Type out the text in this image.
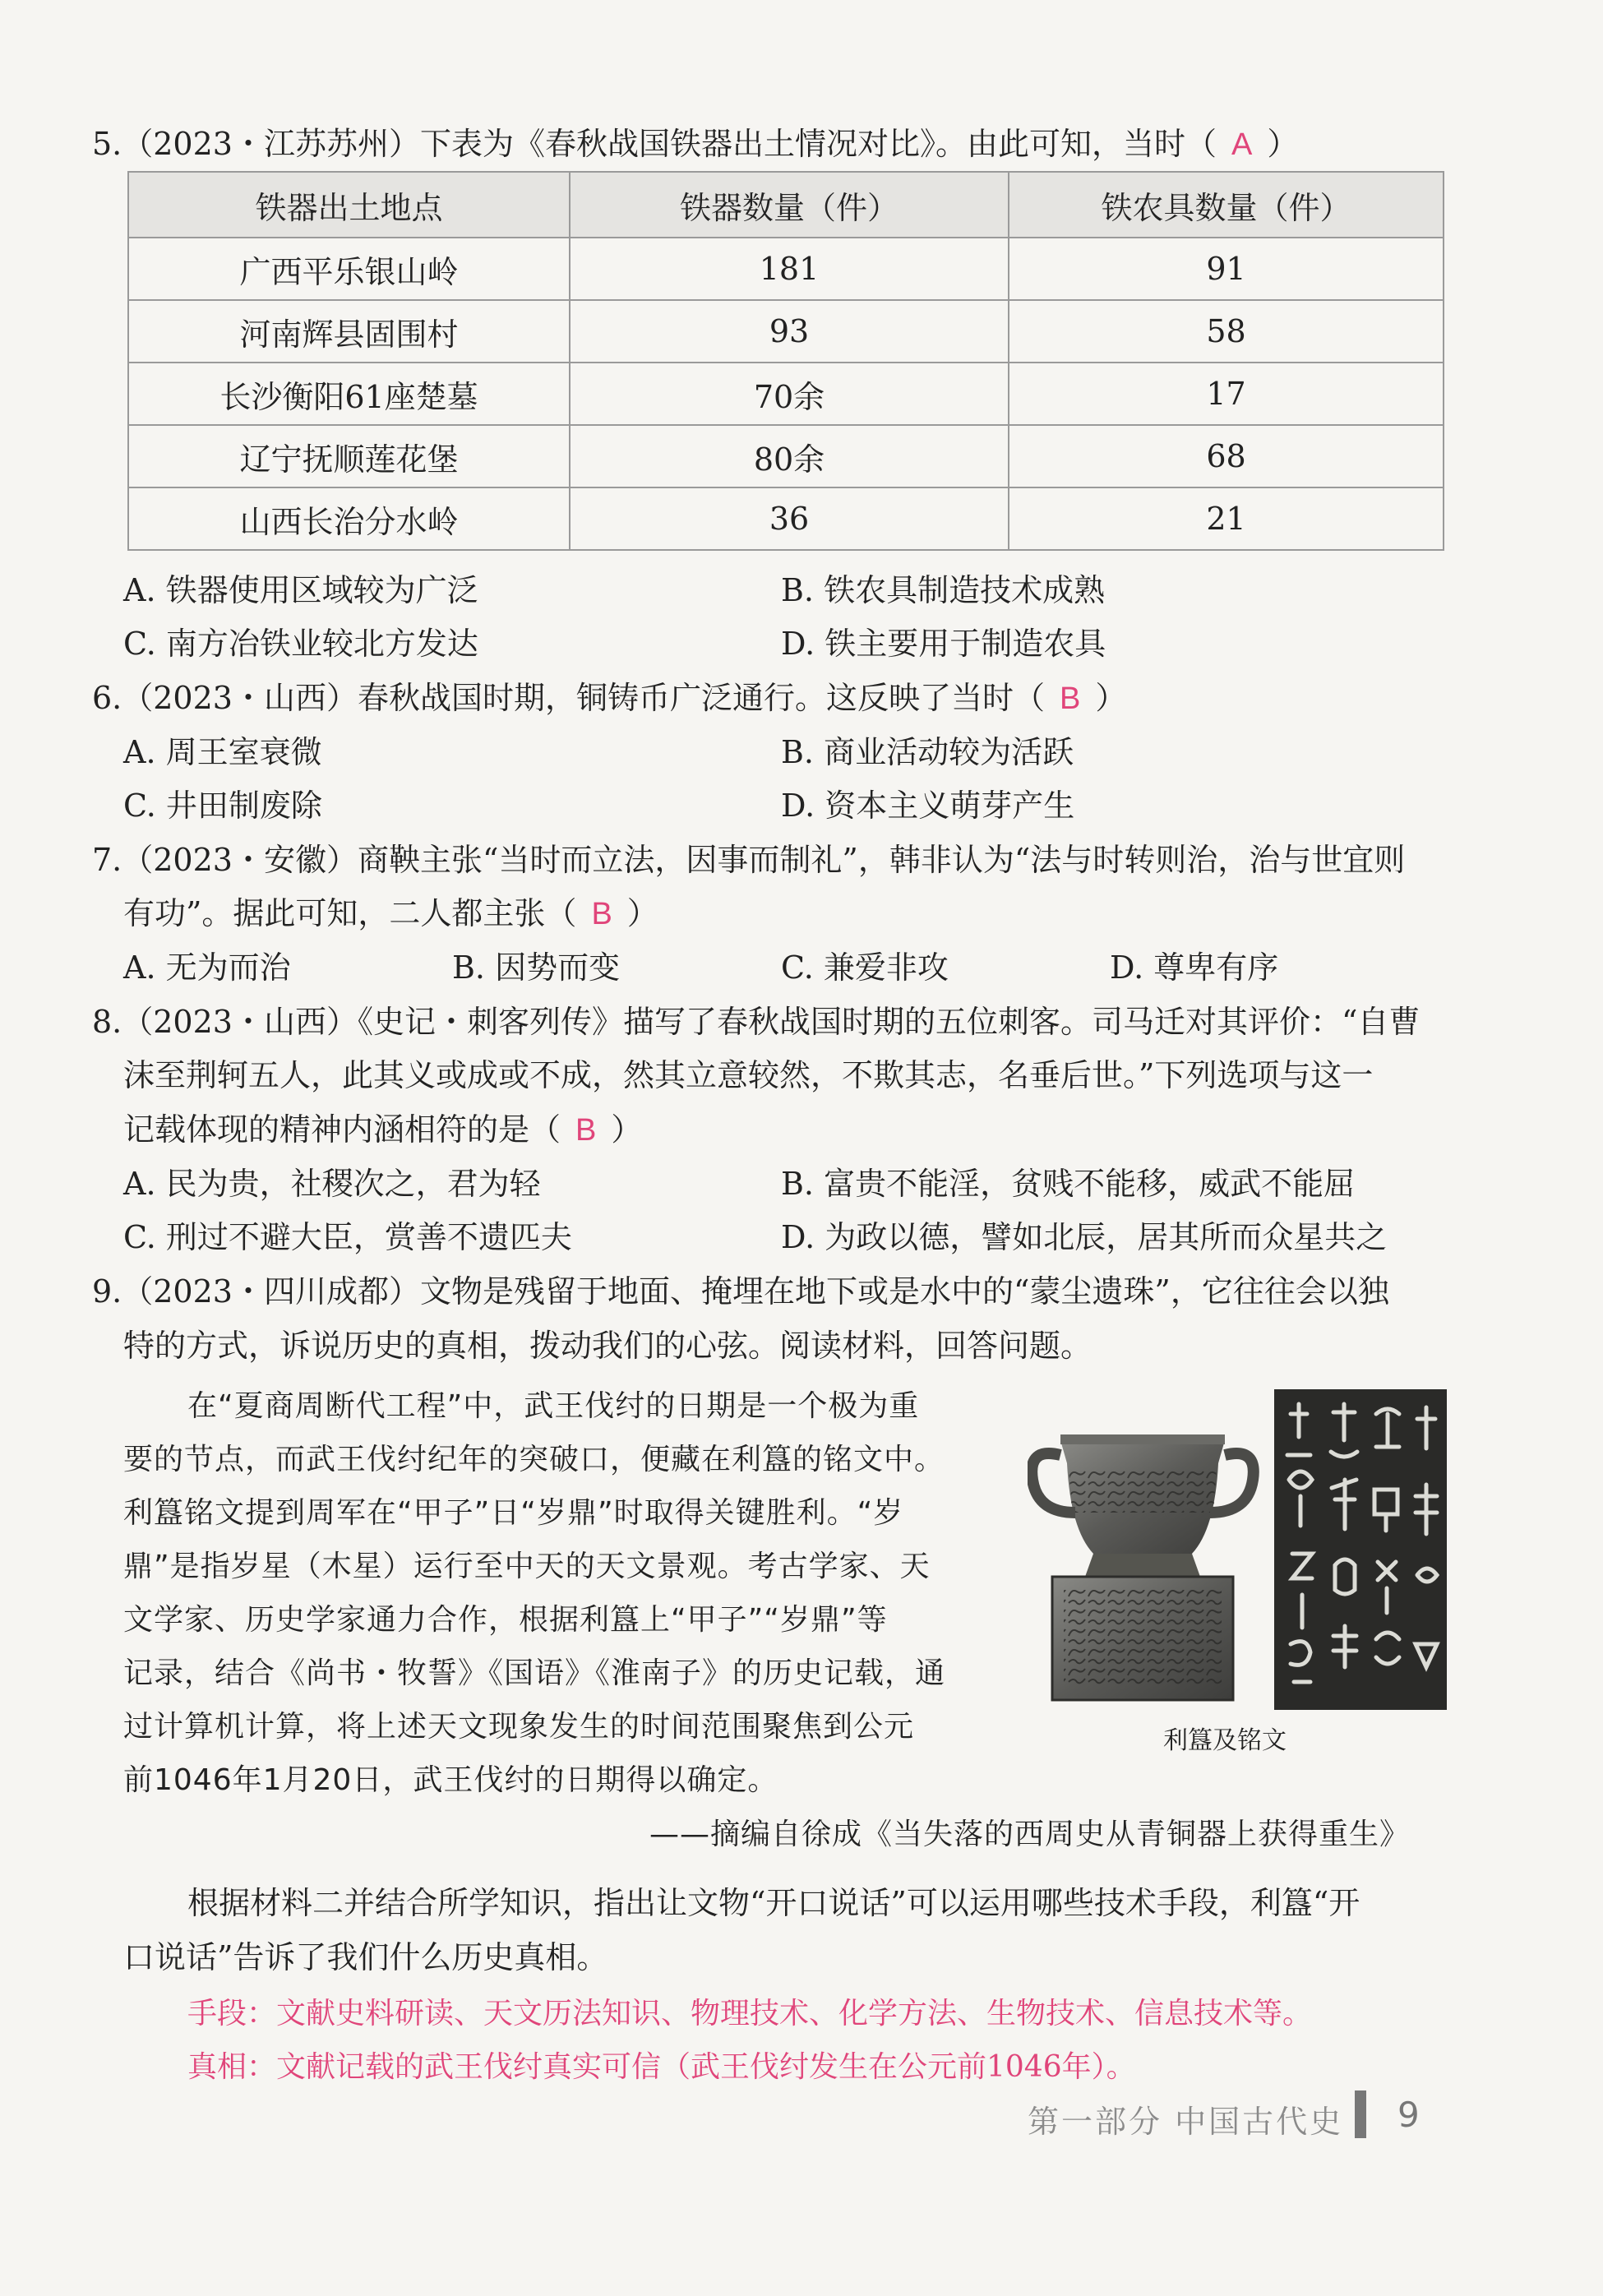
5.（2023・江苏苏州）下表为《春秋战国铁器出土情况对比》。由此可知，当时（ A ）
铁器出土地点	铁器数量（件）	铁农具数量（件）
广西平乐银山岭	181	91
河南辉县固围村	93	58
长沙衡阳61座楚墓	70余	17
辽宁抚顺莲花堡	80余	68
山西长治分水岭	36	21
A. 铁器使用区域较为广泛	B. 铁农具制造技术成熟
C. 南方冶铁业较北方发达	D. 铁主要用于制造农具
6.（2023・山西）春秋战国时期，铜铸币广泛通行。这反映了当时（ B ）
A. 周王室衰微	B. 商业活动较为活跃
C. 井田制废除	D. 资本主义萌芽产生
7.（2023・安徽）商鞅主张“当时而立法，因事而制礼”，韩非认为“法与时转则治，治与世宜则
有功”。据此可知，二人都主张（ B ）
A. 无为而治	B. 因势而变	C. 兼爱非攻	D. 尊卑有序
8.（2023・山西）《史记・刺客列传》描写了春秋战国时期的五位刺客。司马迁对其评价：“自曹
沫至荆轲五人，此其义或成或不成，然其立意较然，不欺其志，名垂后世。”下列选项与这一
记载体现的精神内涵相符的是（ B ）
A. 民为贵，社稷次之，君为轻	B. 富贵不能淫，贫贱不能移，威武不能屈
C. 刑过不避大臣，赏善不遗匹夫	D. 为政以德，譬如北辰，居其所而众星共之
9.（2023・四川成都）文物是残留于地面、掩埋在地下或是水中的“蒙尘遗珠”，它往往会以独
特的方式，诉说历史的真相，拨动我们的心弦。阅读材料，回答问题。
在“夏商周断代工程”中，武王伐纣的日期是一个极为重
要的节点，而武王伐纣纪年的突破口，便藏在利簋的铭文中。
利簋铭文提到周军在“甲子”日“岁鼎”时取得关键胜利。“岁
鼎”是指岁星（木星）运行至中天的天文景观。考古学家、天
文学家、历史学家通力合作，根据利簋上“甲子”“岁鼎”等
记录，结合《尚书・牧誓》《国语》《淮南子》的历史记载，通
过计算机计算，将上述天文现象发生的时间范围聚焦到公元
前1046年1月20日，武王伐纣的日期得以确定。
——摘编自徐成《当失落的西周史从青铜器上获得重生》
利簋及铭文
根据材料二并结合所学知识，指出让文物“开口说话”可以运用哪些技术手段，利簋“开
口说话”告诉了我们什么历史真相。
手段：文献史料研读、天文历法知识、物理技术、化学方法、生物技术、信息技术等。
真相：文献记载的武王伐纣真实可信（武王伐纣发生在公元前1046年）。
第一部分 中国古代史 9
